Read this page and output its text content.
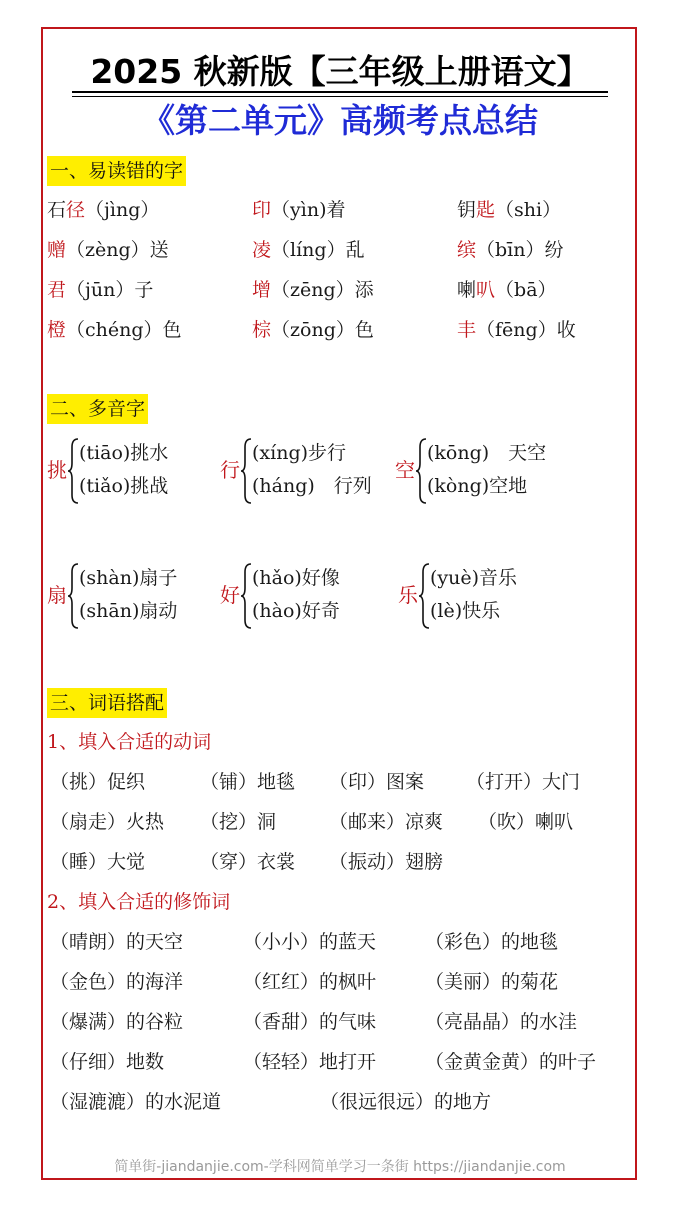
2025 秋新版【三年级上册语文】
《第二单元》高频考点总结
一、易读错的字
石径（jìng）	印（yìn)着	钥匙（shi）
赠（zèng）送	凌（líng）乱	缤（bīn）纷
君（jūn）子	增（zēng）添	喇叭（bā）
橙（chéng）色	棕（zōng）色	丰（fēng）收
二、多音字
挑
(tiāo)挑水
(tiǎo)挑战
行
(xíng)步行
(háng)　行列
空
(kōng)　天空
(kòng)空地
扇
(shàn)扇子
(shān)扇动
好
(hǎo)好像
(hào)好奇
乐
(yuè)音乐
(lè)快乐
三、词语搭配
1、填入合适的动词
（挑）促织	（铺）地毯 （印）图案 （打开）大门
（扇走）火热 （挖）洞	（邮来）凉爽 （吹）喇叭
（睡）大觉	（穿）衣裳 （振动）翅膀
2、填入合适的修饰词
（晴朗）的天空	（小小）的蓝天	（彩色）的地毯
（金色）的海洋	（红红）的枫叶	（美丽）的菊花
（爆满）的谷粒	（香甜）的气味	（亮晶晶）的水洼
（仔细）地数	（轻轻）地打开	（金黄金黄）的叶子
（湿漉漉）的水泥道	（很远很远）的地方
简单街-jiandanjie.com-学科网简单学习一条街 https://jiandanjie.com
